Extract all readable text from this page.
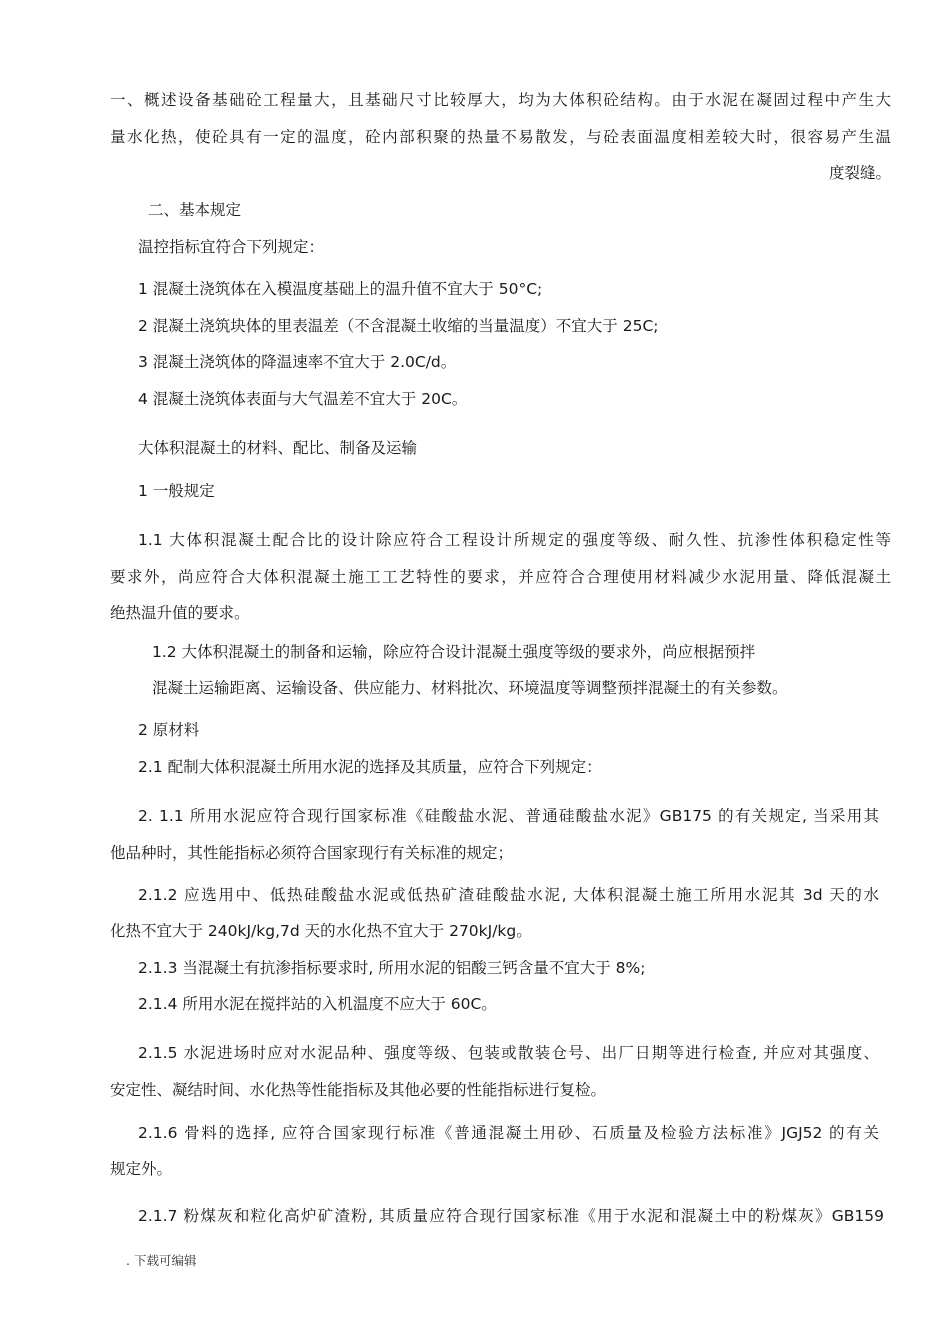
一、概述设备基础砼工程量大，且基础尺寸比较厚大，均为大体积砼结构。由于水泥在凝固过程中产生大
量水化热，使砼具有一定的温度，砼内部积聚的热量不易散发，与砼表面温度相差较大时，很容易产生温
度裂缝。
二、基本规定
温控指标宜符合下列规定：
1 混凝土浇筑体在入模温度基础上的温升值不宜大于 50°C;
2 混凝土浇筑块体的里表温差（不含混凝土收缩的当量温度）不宜大于 25C;
3 混凝土浇筑体的降温速率不宜大于 2.0C/d。
4 混凝土浇筑体表面与大气温差不宜大于 20C。
大体积混凝土的材料、配比、制备及运输
1 一般规定
1.1 大体积混凝土配合比的设计除应符合工程设计所规定的强度等级、耐久性、抗渗性体积稳定性等
要求外，尚应符合大体积混凝土施工工艺特性的要求，并应符合合理使用材料减少水泥用量、降低混凝土
绝热温升值的要求。
1.2 大体积混凝土的制备和运输，除应符合设计混凝土强度等级的要求外，尚应根据预拌
混凝土运输距离、运输设备、供应能力、材料批次、环境温度等调整预拌混凝土的有关参数。
2 原材料
2.1 配制大体积混凝土所用水泥的选择及其质量，应符合下列规定：
2. 1.1 所用水泥应符合现行国家标准《硅酸盐水泥、普通硅酸盐水泥》GB175 的有关规定, 当采用其
他品种时，其性能指标必须符合国家现行有关标准的规定；
2.1.2 应选用中、低热硅酸盐水泥或低热矿渣硅酸盐水泥, 大体积混凝土施工所用水泥其 3d 天的水
化热不宜大于 240kJ/kg,7d 天的水化热不宜大于 270kJ/kg。
2.1.3 当混凝土有抗渗指标要求时, 所用水泥的铝酸三钙含量不宜大于 8%;
2.1.4 所用水泥在搅拌站的入机温度不应大于 60C。
2.1.5 水泥进场时应对水泥品种、强度等级、包装或散装仓号、出厂日期等进行检查, 并应对其强度、
安定性、凝结时间、水化热等性能指标及其他必要的性能指标进行复检。
2.1.6 骨料的选择, 应符合国家现行标准《普通混凝土用砂、石质量及检验方法标准》JGJ52 的有关
规定外。
2.1.7 粉煤灰和粒化高炉矿渣粉, 其质量应符合现行国家标准《用于水泥和混凝土中的粉煤灰》GB159
. 下载可编辑
